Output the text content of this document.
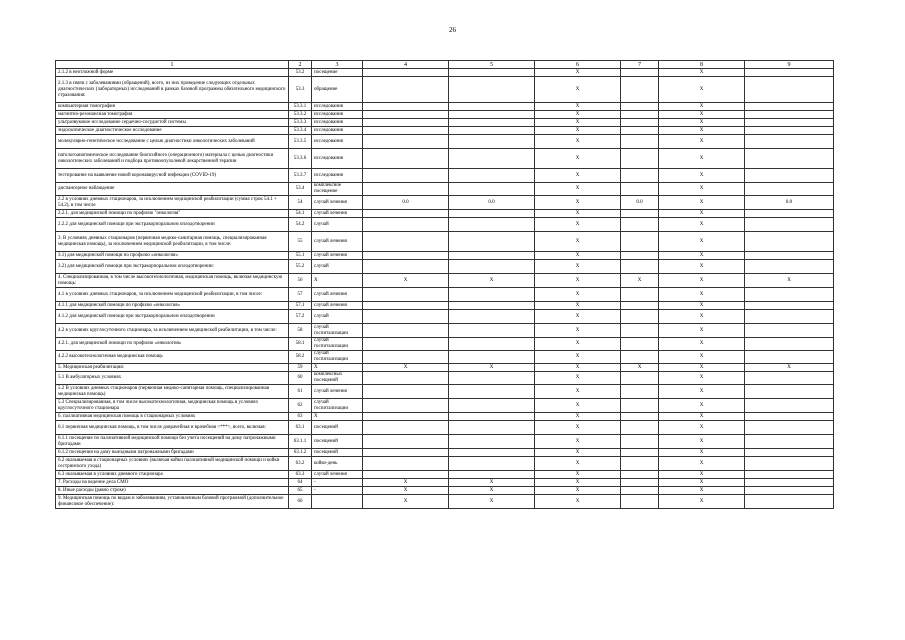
26
1	2	3	4	5	6	7	8	9
2.1.2 в неотложной форме	53.2	посещение			X		X	
2.1.3 в связи с заболеваниями (обращений), всего, из них проведение следующих отдельных диагностических (лабораторных) исследований в рамках базовой программы обязательного медицинского страхования:	53.3	обращение			X		X	
компьютерная томография	53.3.1	исследования			X		X	
магнитно-резонансная томография	53.3.2	исследования			X		X	
ультразвуковое исследование сердечно-сосудистой системы	53.3.3	исследования			X		X	
эндоскопическое диагностическое исследование	53.3.4	исследования			X		X	
молекулярно-генетическое исследование с целью диагностики онкологических заболеваний	53.3.5	исследования			X		X	
патологоанатомическое исследование биопсийного (операционного) материала с целью диагностики онкологических заболеваний и подбора противоопухолевой лекарственной терапии	53.3.6	исследования			X		X	
тестирование на выявление новой коронавирусной инфекции (COVID-19)	53.3.7	исследования			X		X	
диспансерное наблюдение	53.4	комплексное посещение			X		X	
2.2 в условиях дневных стационаров, за исключением медицинской реабилитации (сумма строк 54.1 + 54.2), в том числе	54	случай лечения	0.0	0.0	X	0.0	X	0.0
2.2.1. для медицинской помощи по профилю "онкология"	54.1	случай лечения			X		X	
2.2.2 для медицинской помощи при экстракорпоральном оплодотворении	54.2	случай			X		X	
3. В условиях дневных стационаров (первичная медико-санитарная помощь, специализированная медицинская помощь), за исключением медицинской реабилитации, в том числе:	55	случай лечения			X		X	
3.1) для медицинской помощи по профилю «онкология»	55.1	случай лечения			X		X	
3.2) для медицинской помощи при экстракорпоральном оплодотворении:	55.2	случай			X		X	
4. Специализированная, в том числе высокотехнологичная, медицинская помощь, включая медицинскую помощь:	56	X	X	X	X	X	X	X
4.1 в условиях дневных стационаров, за исключением медицинской реабилитации, в том числе:	57	случай лечения			X		X	
4.1.1 для медицинской помощи по профилю «онкология»	57.1	случай лечения			X		X	
4.1.2 для медицинской помощи при экстракорпоральном оплодотворении	57.2	случай			X		X	
4.2 в условиях круглосуточного стационара, за исключением медицинской реабилитации, в том числе:	58	случай госпитализации			X		X	
4.2.1. для медицинской помощи по профилю «онкология»	58.1	случай госпитализации			X		X	
4.2.2 высокотехнологичная медицинская помощь	58.2	случай госпитализации			X		X	
5. Медицинская реабилитация:	59	X	X	X	X	X	X	X
5.1 В амбулаторных условиях	60	комплексных посещений			X		X	
5.2 В условиях дневных стационаров (первичная медико-санитарная помощь, специализированная медицинская помощь)	61	случай лечения			X		X	
5.3 Специализированная, в том числе высокотехнологичная, медицинская помощь в условиях круглосуточного стационара	62	случай госпитализации			X		X	
6. паллиативная медицинская помощь в стационарных условиях	63	X			X		X	
6.1 первичная медицинская помощь, в том числе доврачебная и врачебная <***>, всего, включая:	63.1	посещений			X		X	
6.1.1 посещение по паллиативной медицинской помощи без учета посещений на дому патронажными бригадами	63.1.1	посещений			X		X	
6.1.2 посещения на дому выездными патронажными бригадами	63.1.2	посещений			X		X	
6.2 оказываемая в стационарных условиях (включая койки паллиативной медицинской помощи и койки сестринского ухода)	63.2	койко-день			X		X	
6.3 оказываемая в условиях дневного стационара	63.3	случай лечения			X		X	
7. Расходы на ведение дела СМО	64	-	X	X	X		X	
8. Иные расходы (равно строке)	65	-	X	X	X		X	
9. Медицинская помощь по видам и заболеваниям, установленным базовой программой (дополнительное финансовое обеспечение):	66		X	X	X		X	
